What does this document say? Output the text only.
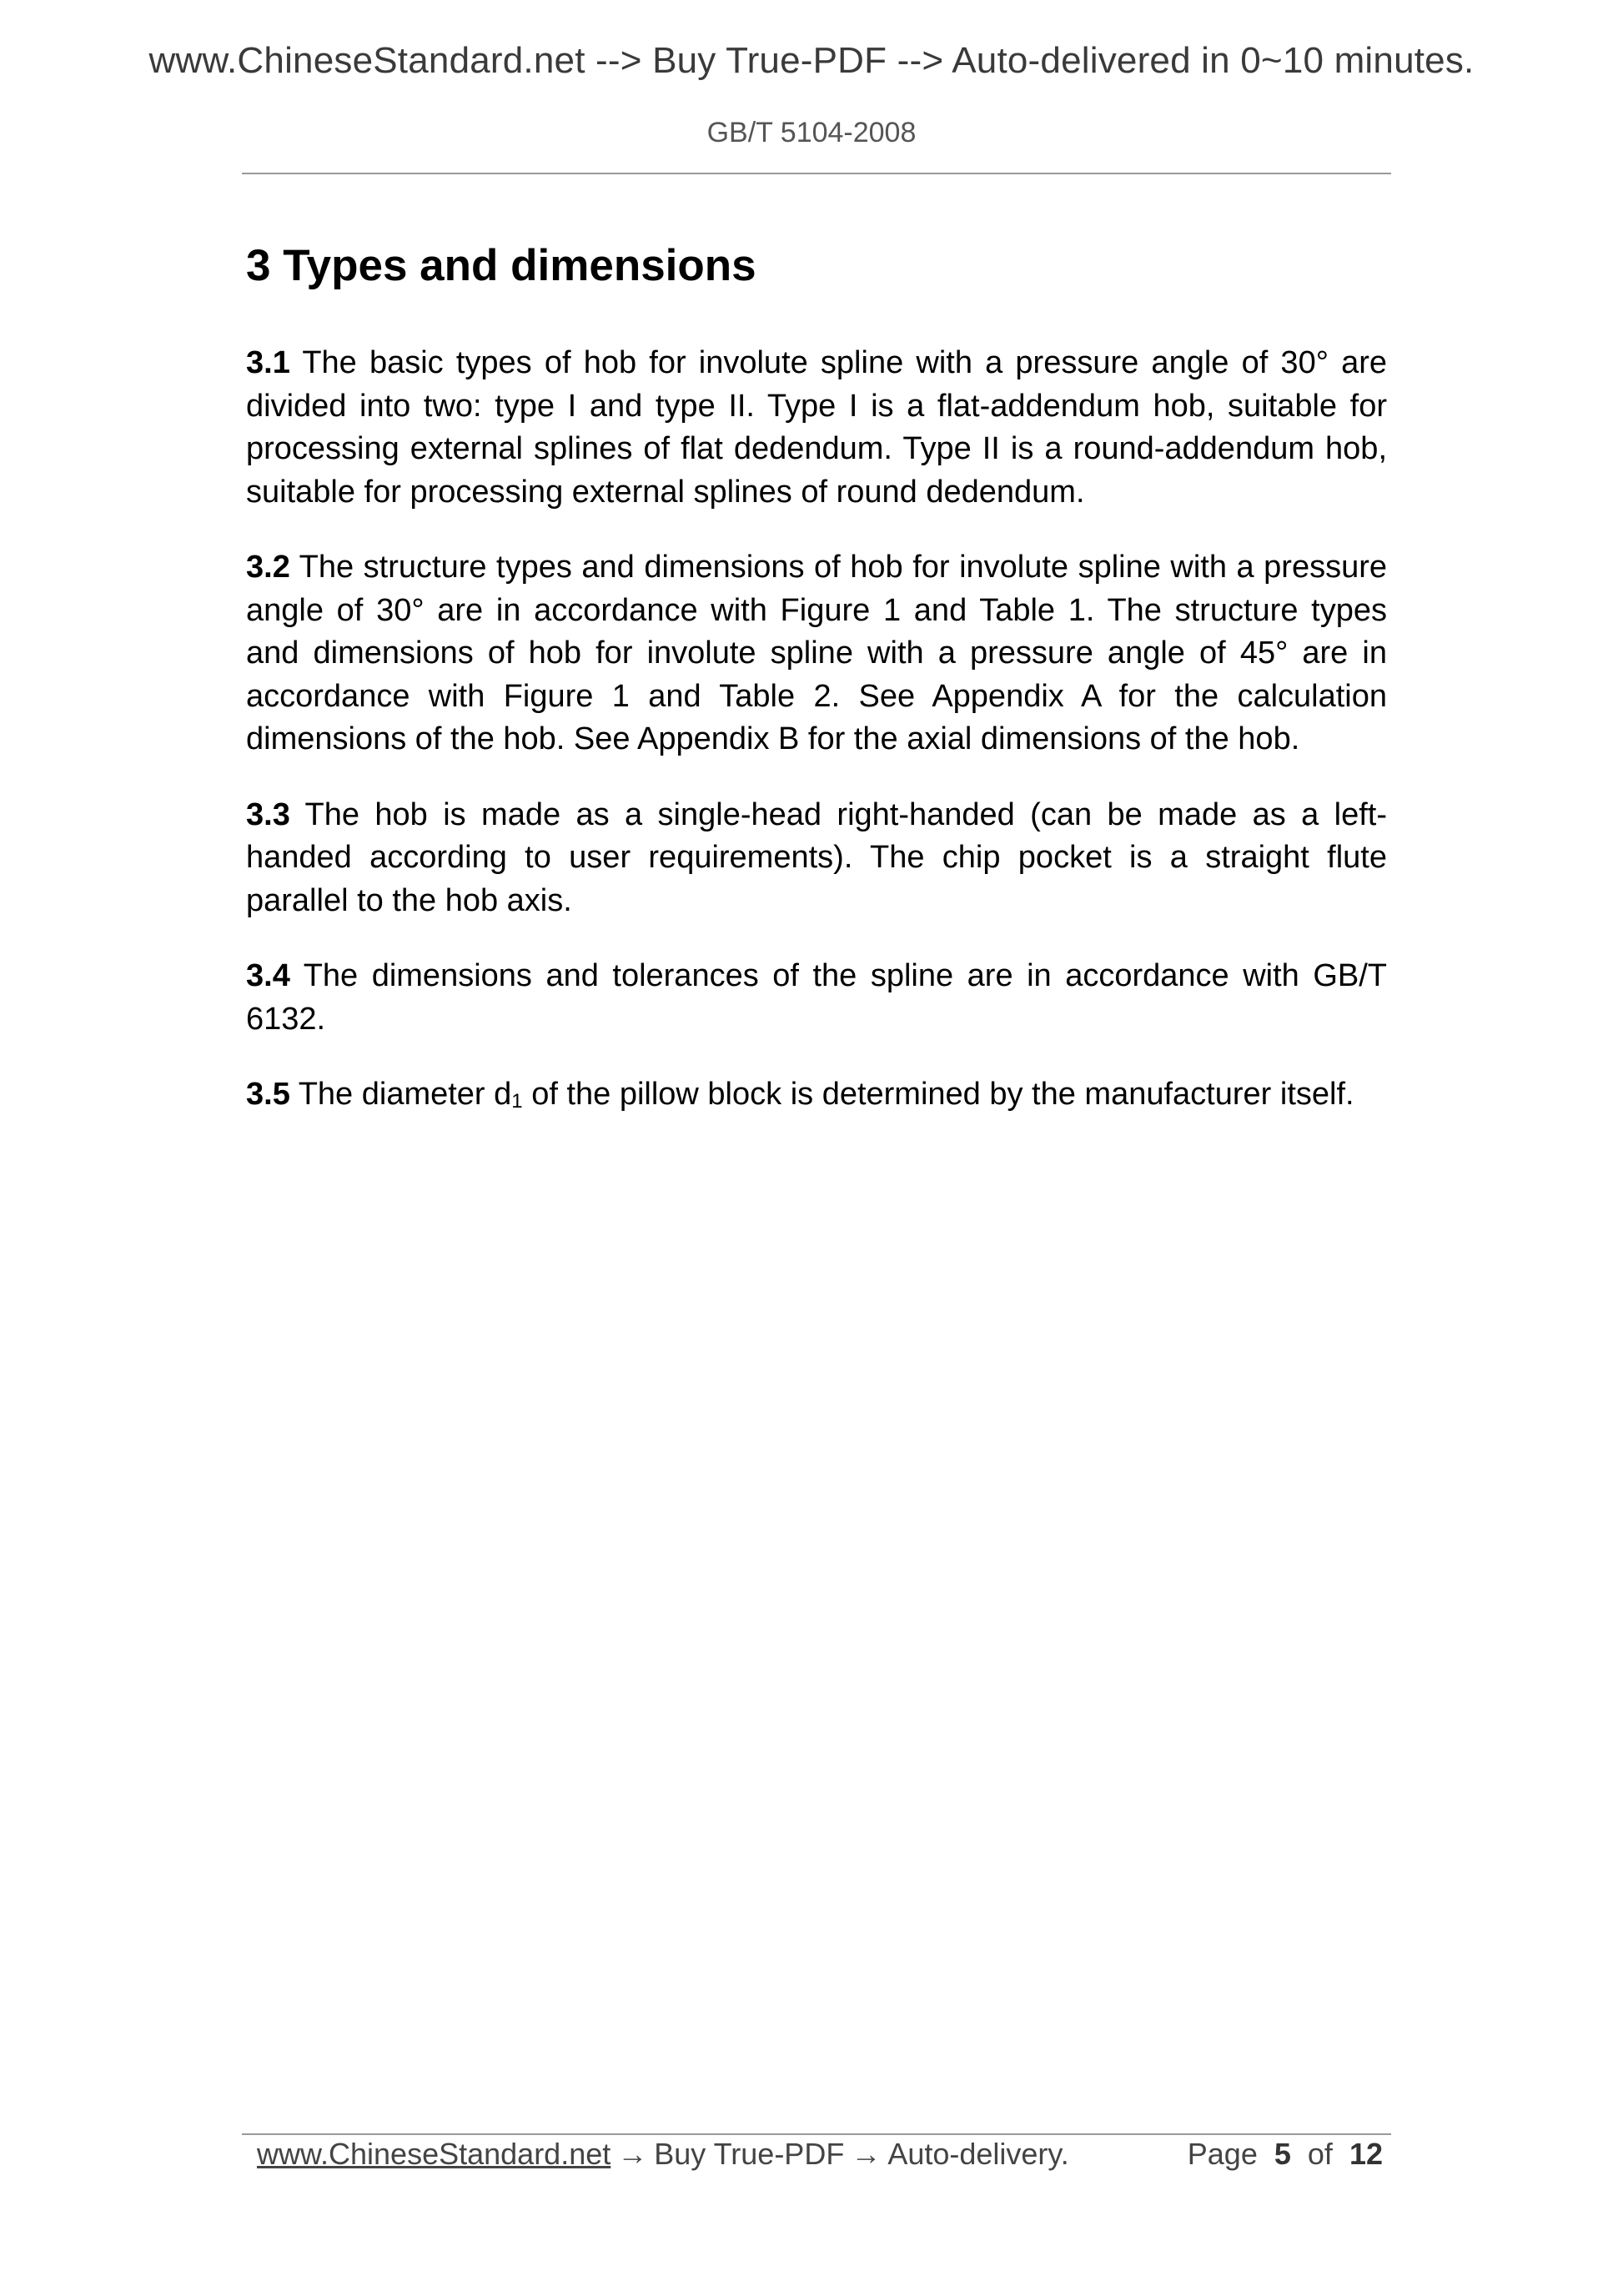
www.ChineseStandard.net --> Buy True-PDF --> Auto-delivered in 0~10 minutes.
GB/T 5104-2008
3 Types and dimensions

3.1 The basic types of hob for involute spline with a pressure angle of 30° are divided into two: type I and type II. Type I is a flat-addendum hob, suitable for processing external splines of flat dedendum. Type II is a round-addendum hob, suitable for processing external splines of round dedendum.

3.2 The structure types and dimensions of hob for involute spline with a pressure angle of 30° are in accordance with Figure 1 and Table 1. The structure types and dimensions of hob for involute spline with a pressure angle of 45° are in accordance with Figure 1 and Table 2. See Appendix A for the calculation dimensions of the hob. See Appendix B for the axial dimensions of the hob.

3.3 The hob is made as a single-head right-handed (can be made as a left-handed according to user requirements). The chip pocket is a straight flute parallel to the hob axis.

3.4 The dimensions and tolerances of the spline are in accordance with GB/T 6132.

3.5 The diameter $d_1$ of the pillow block is determined by the manufacturer itself.

www.ChineseStandard.net → Buy True-PDF → Auto-delivery.	Page 5 of 12
